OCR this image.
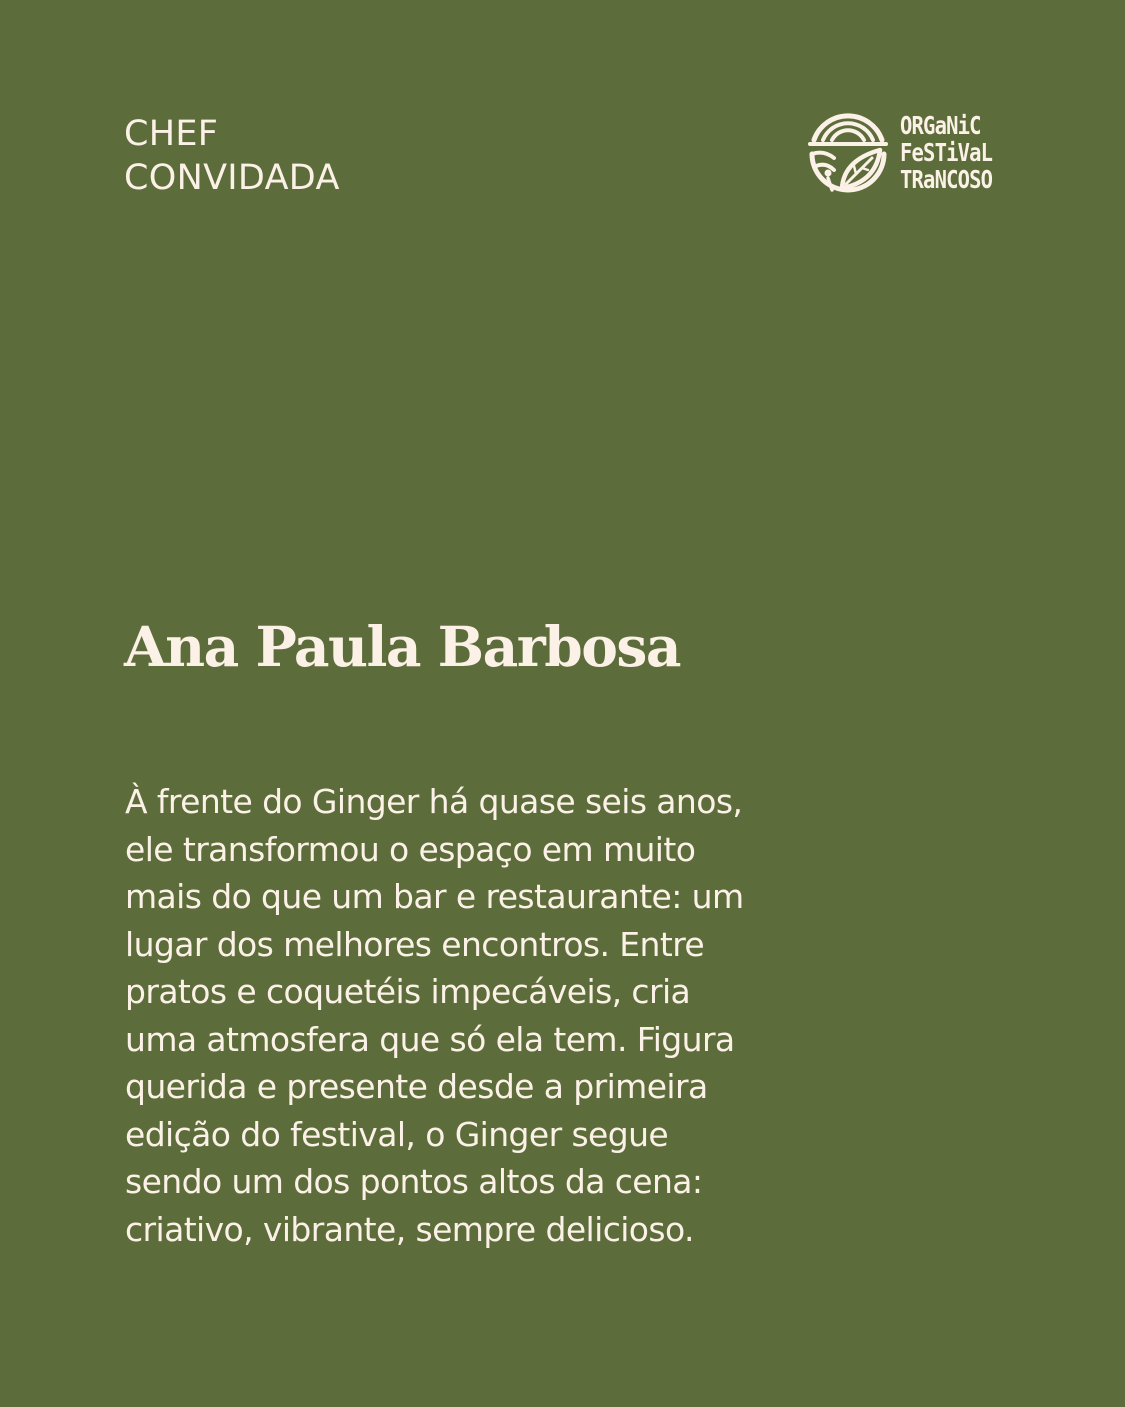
CHEF
CONVIDADA
ORGaNiC
FeSTiVaL
TRaNCOSO
Ana Paula Barbosa
À frente do Ginger há quase seis anos,
ele transformou o espaço em muito
mais do que um bar e restaurante: um
lugar dos melhores encontros. Entre
pratos e coquetéis impecáveis, cria
uma atmosfera que só ela tem. Figura
querida e presente desde a primeira
edição do festival, o Ginger segue
sendo um dos pontos altos da cena:
criativo, vibrante, sempre delicioso.
